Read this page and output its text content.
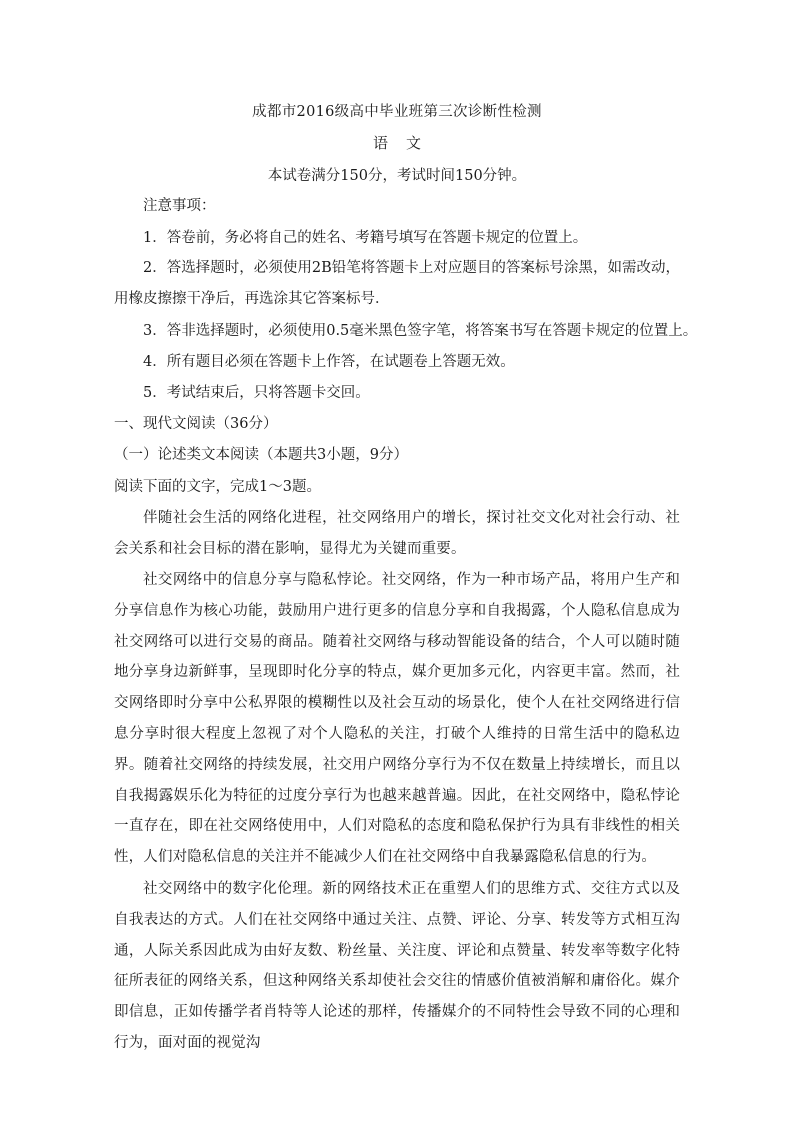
成都市2016级高中毕业班第三次诊断性检测
语 文
本试卷满分150分，考试时间150分钟。
注意事项：
1．答卷前，务必将自己的姓名、考籍号填写在答题卡规定的位置上。
2．答选择题时，必须使用2B铅笔将答题卡上对应题目的答案标号涂黑，如需改动，用橡皮擦擦干净后，再选涂其它答案标号．
3．答非选择题时，必须使用0.5毫米黑色签字笔，将答案书写在答题卡规定的位置上。
4．所有题目必须在答题卡上作答，在试题卷上答题无效。
5．考试结束后，只将答题卡交回。
一、现代文阅读（36分）
（一）论述类文本阅读（本题共3小题，9分）
阅读下面的文字，完成1～3题。
伴随社会生活的网络化进程，社交网络用户的增长，探讨社交文化对社会行动、社会关系和社会目标的潜在影响，显得尤为关键而重要。
社交网络中的信息分享与隐私悖论。社交网络，作为一种市场产品，将用户生产和分享信息作为核心功能，鼓励用户进行更多的信息分享和自我揭露，个人隐私信息成为社交网络可以进行交易的商品。随着社交网络与移动智能设备的结合，个人可以随时随地分享身边新鲜事，呈现即时化分享的特点，媒介更加多元化，内容更丰富。然而，社交网络即时分享中公私界限的模糊性以及社会互动的场景化，使个人在社交网络进行信息分享时很大程度上忽视了对个人隐私的关注，打破个人维持的日常生活中的隐私边界。随着社交网络的持续发展，社交用户网络分享行为不仅在数量上持续增长，而且以自我揭露娱乐化为特征的过度分享行为也越来越普遍。因此，在社交网络中，隐私悖论一直存在，即在社交网络使用中，人们对隐私的态度和隐私保护行为具有非线性的相关性，人们对隐私信息的关注并不能减少人们在社交网络中自我暴露隐私信息的行为。
社交网络中的数字化伦理。新的网络技术正在重塑人们的思维方式、交往方式以及自我表达的方式。人们在社交网络中通过关注、点赞、评论、分享、转发等方式相互沟通，人际关系因此成为由好友数、粉丝量、关注度、评论和点赞量、转发率等数字化特征所表征的网络关系，但这种网络关系却使社会交往的情感价值被消解和庸俗化。媒介即信息，正如传播学者肖特等人论述的那样，传播媒介的不同特性会导致不同的心理和行为，面对面的视觉沟
